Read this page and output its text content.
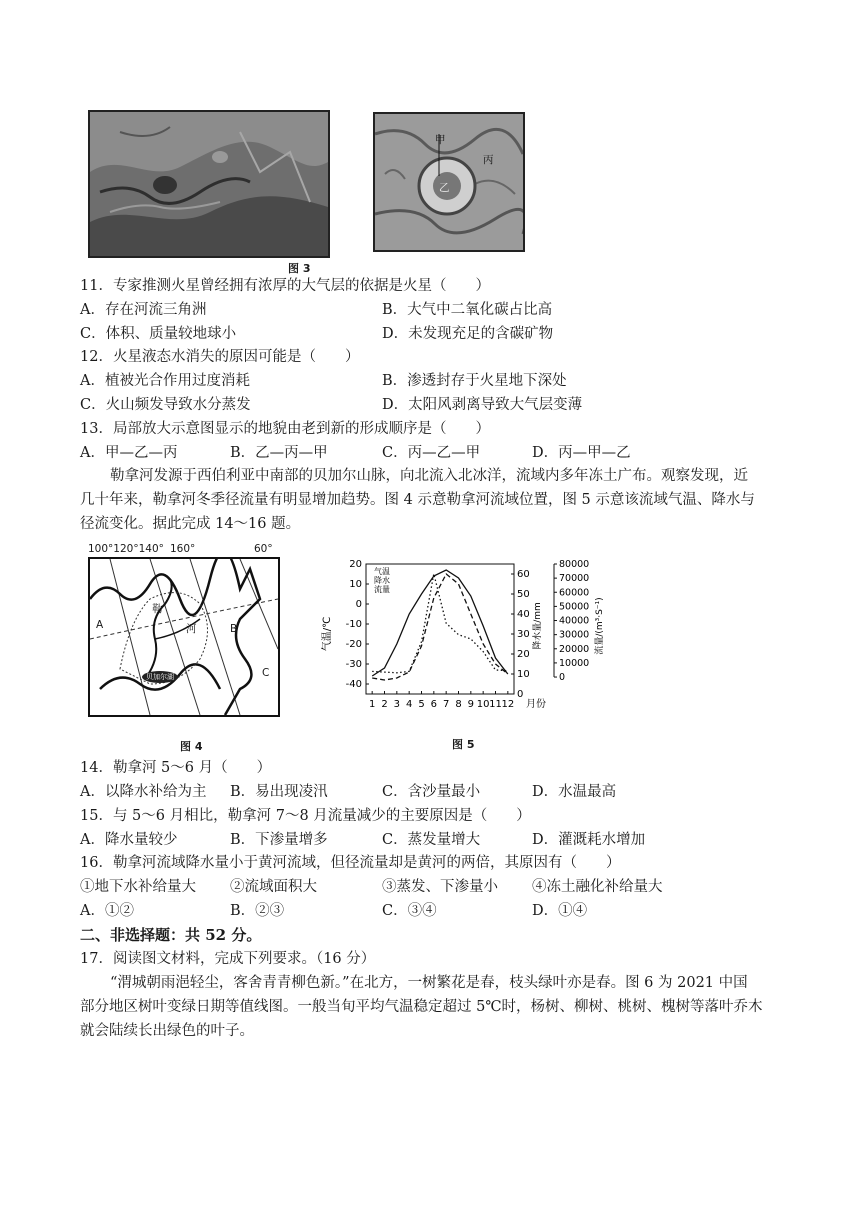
甲
乙
丙
图 3
11．专家推测火星曾经拥有浓厚的大气层的依据是火星（　　）
A．存在河流三角洲	B．大气中二氧化碳占比高
C．体积、质量较地球小	D．未发现充足的含碳矿物
12．火星液态水消失的原因可能是（　　）
A．植被光合作用过度消耗	B．渗透封存于火星地下深处
C．火山频发导致水分蒸发	D．太阳风剥离导致大气层变薄
13．局部放大示意图显示的地貌由老到新的形成顺序是（　　）
A．甲—乙—丙	B．乙—丙—甲	C．丙—乙—甲	D．丙—甲—乙
勒拿河发源于西伯利亚中南部的贝加尔山脉，向北流入北冰洋，流域内多年冻土广布。观察发现，近
几十年来，勒拿河冬季径流量有明显增加趋势。图 4 示意勒拿河流域位置，图 5 示意该流域气温、降水与
径流变化。据此完成 14～16 题。
100°120°140° 160°	60°
勒
河
贝加尔湖
A	B
C
图 4
20
10
0
-10
-20
-30
-40
气温/℃
60
50
40
30
20
10
0
降水量/mm
80000
70000
60000
50000
40000
30000
20000
10000
0
流量/(m³·S⁻¹)
1 2 3 4 5 6 7 8 9 10 11 12 月份
气温
降水
流量
图 5
14．勒拿河 5～6 月（　　）
A．以降水补给为主 B．易出现凌汛	C．含沙量最小	D．水温最高
15．与 5～6 月相比，勒拿河 7～8 月流量减少的主要原因是（　　）
A．降水量较少	B．下渗量增多	C．蒸发量增大	D．灌溉耗水增加
16．勒拿河流域降水量小于黄河流域，但径流量却是黄河的两倍，其原因有（　　）
①地下水补给量大 ②流域面积大	③蒸发、下渗量小 ④冻土融化补给量大
A．①②	B．②③	C．③④	D．①④
二、非选择题：共 52 分。
17．阅读图文材料，完成下列要求。（16 分）
“渭城朝雨浥轻尘，客舍青青柳色新。”在北方，一树繁花是春，枝头绿叶亦是春。图 6 为 2021 中国
部分地区树叶变绿日期等值线图。一般当旬平均气温稳定超过 5℃时，杨树、柳树、桃树、槐树等落叶乔木
就会陆续长出绿色的叶子。
